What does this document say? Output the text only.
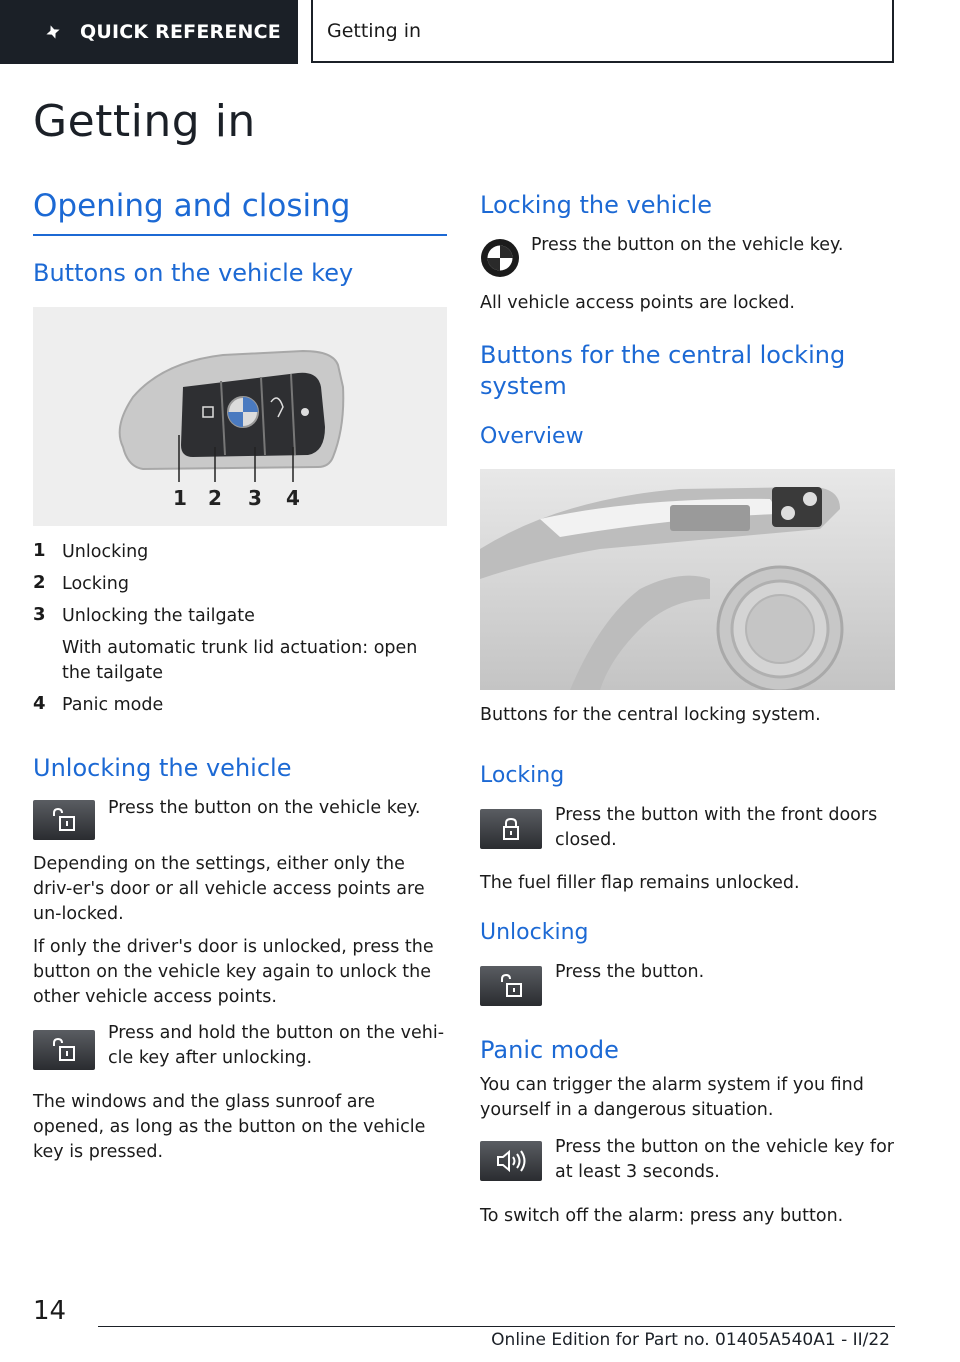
QUICK REFERENCE Getting in
Getting in
Opening and closing
Buttons on the vehicle key
1 2 3 4
1 Unlocking
2 Locking
3 Unlocking the tailgate
With automatic trunk lid actuation: open the tailgate
4 Panic mode
Unlocking the vehicle
Press the button on the vehicle key.
Depending on the settings, either only the driv-er's door or all vehicle access points are un-locked.
If only the driver's door is unlocked, press the button on the vehicle key again to unlock the other vehicle access points.
Press and hold the button on the vehi-cle key after unlocking.
The windows and the glass sunroof are opened, as long as the button on the vehicle key is pressed.
Locking the vehicle
Press the button on the vehicle key.
All vehicle access points are locked.
Buttons for the central locking system
Overview
Buttons for the central locking system.
Locking
Press the button with the front doors closed.
The fuel filler flap remains unlocked.
Unlocking
Press the button.
Panic mode
You can trigger the alarm system if you find yourself in a dangerous situation.
Press the button on the vehicle key for at least 3 seconds.
To switch off the alarm: press any button.
14
Online Edition for Part no. 01405A540A1 - II/22
